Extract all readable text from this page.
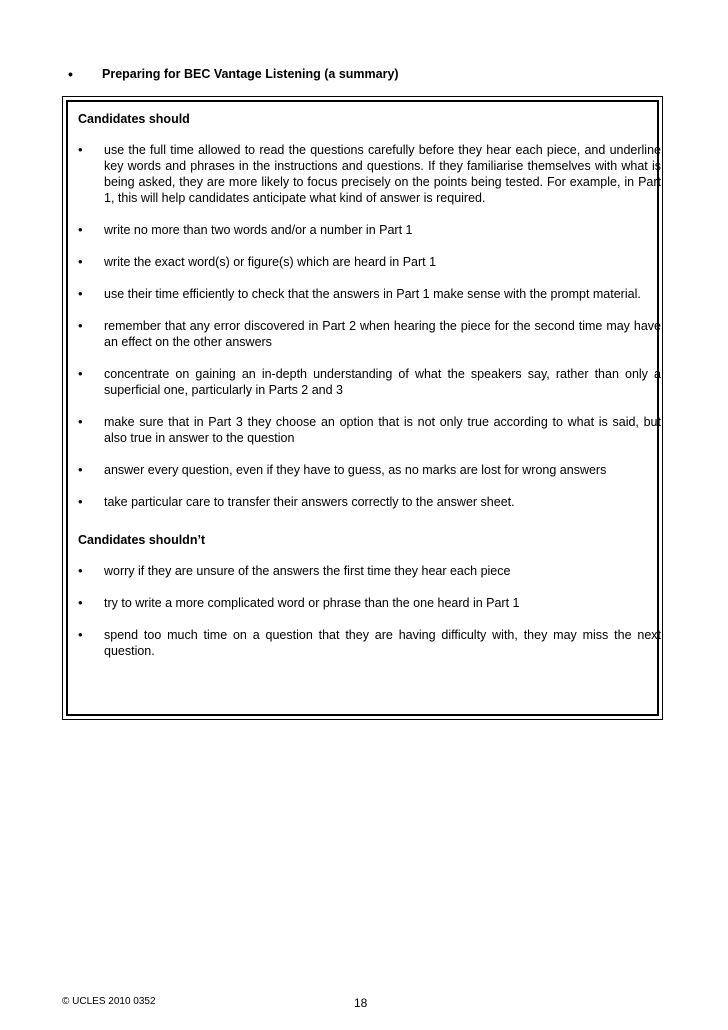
• Preparing for BEC Vantage Listening (a summary)
Candidates should
• use the full time allowed to read the questions carefully before they hear each piece, and underline key words and phrases in the instructions and questions. If they familiarise themselves with what is being asked, they are more likely to focus precisely on the points being tested. For example, in Part 1, this will help candidates anticipate what kind of answer is required.
• write no more than two words and/or a number in Part 1
• write the exact word(s) or figure(s) which are heard in Part 1
• use their time efficiently to check that the answers in Part 1 make sense with the prompt material.
• remember that any error discovered in Part 2 when hearing the piece for the second time may have an effect on the other answers
• concentrate on gaining an in-depth understanding of what the speakers say, rather than only a superficial one, particularly in Parts 2 and 3
• make sure that in Part 3 they choose an option that is not only true according to what is said, but also true in answer to the question
• answer every question, even if they have to guess, as no marks are lost for wrong answers
• take particular care to transfer their answers correctly to the answer sheet.
Candidates shouldn’t
• worry if they are unsure of the answers the first time they hear each piece
• try to write a more complicated word or phrase than the one heard in Part 1
• spend too much time on a question that they are having difficulty with, they may miss the next question.
© UCLES 2010 0352	18
